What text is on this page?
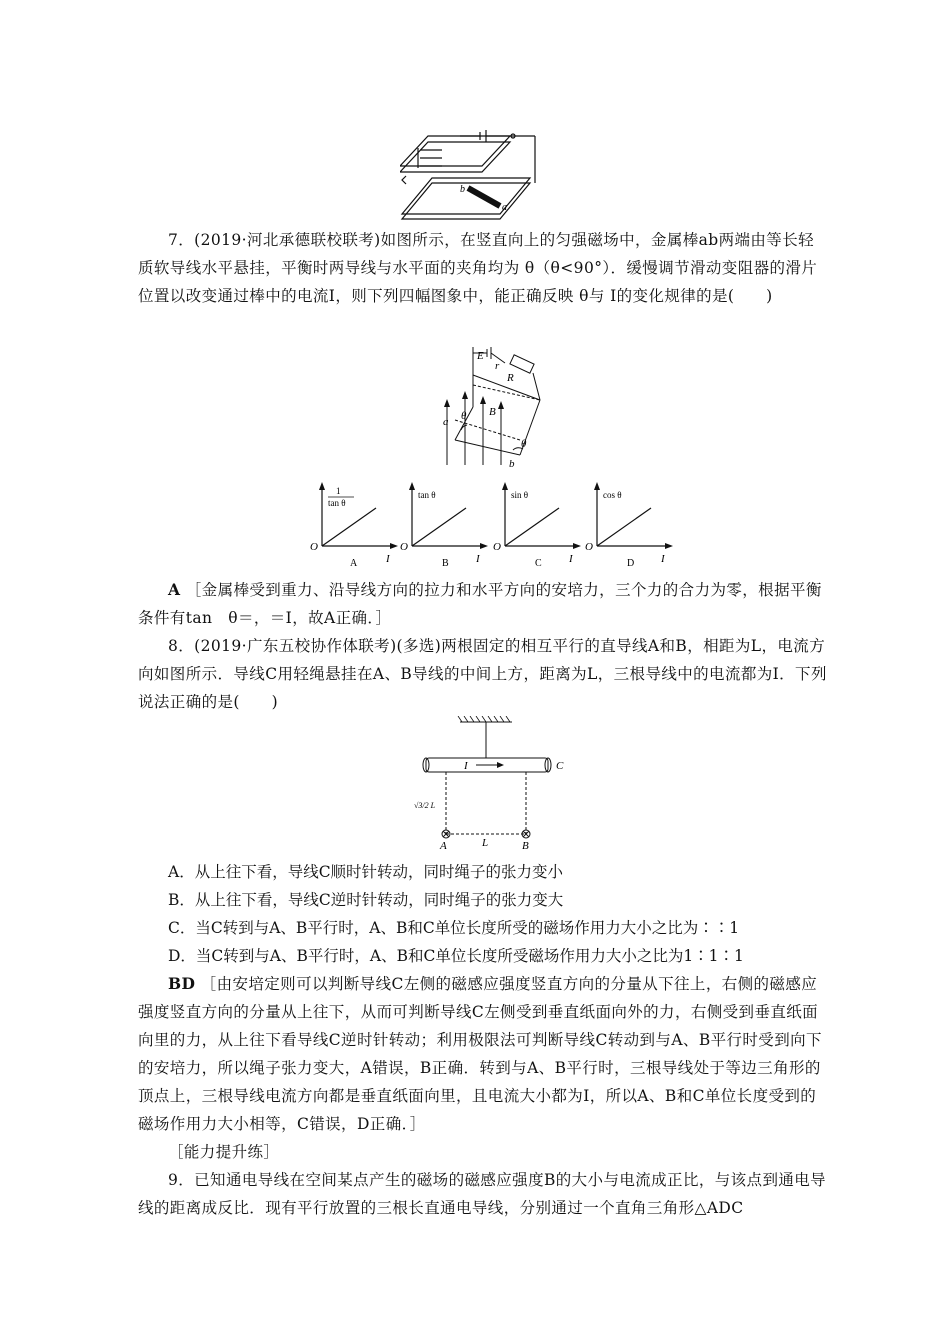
b
a

7．(2019·河北承德联校联考)如图所示，在竖直向上的匀强磁场中，金属棒ab两端由等长轻质软导线水平悬挂，平衡时两导线与水平面的夹角均为 θ（θ<90°）．缓慢调节滑动变阻器的滑片位置以改变通过棒中的电流I，则下列四幅图象中，能正确反映 θ与 I的变化规律的是(　　)

E
r
R
B
a
b
θ
θ
1
tan θ
O
I
A
tan θ
O
I
B
sin θ
O
I
C
cos θ
O
I
D

A ［金属棒受到重力、沿导线方向的拉力和水平方向的安培力，三个力的合力为零，根据平衡条件有tan　θ＝，＝I，故A正确．］

8．(2019·广东五校协作体联考)(多选)两根固定的相互平行的直导线A和B，相距为L，电流方向如图所示．导线C用轻绳悬挂在A、B导线的中间上方，距离为L，三根导线中的电流都为I．下列说法正确的是(　　)

I	C
A	B
L
√3/2 L

A．从上往下看，导线C顺时针转动，同时绳子的张力变小

B．从上往下看，导线C逆时针转动，同时绳子的张力变大

C．当C转到与A、B平行时，A、B和C单位长度所受的磁场作用力大小之比为∶∶1

D．当C转到与A、B平行时，A、B和C单位长度所受磁场作用力大小之比为1∶1∶1

BD ［由安培定则可以判断导线C左侧的磁感应强度竖直方向的分量从下往上，右侧的磁感应强度竖直方向的分量从上往下，从而可判断导线C左侧受到垂直纸面向外的力，右侧受到垂直纸面向里的力，从上往下看导线C逆时针转动；利用极限法可判断导线C转动到与A、B平行时受到向下的安培力，所以绳子张力变大，A错误，B正确．转到与A、B平行时，三根导线处于等边三角形的顶点上，三根导线电流方向都是垂直纸面向里，且电流大小都为I，所以A、B和C单位长度受到的磁场作用力大小相等，C错误，D正确．］

［能力提升练］

9．已知通电导线在空间某点产生的磁场的磁感应强度B的大小与电流成正比，与该点到通电导线的距离成反比．现有平行放置的三根长直通电导线，分别通过一个直角三角形△ADC
